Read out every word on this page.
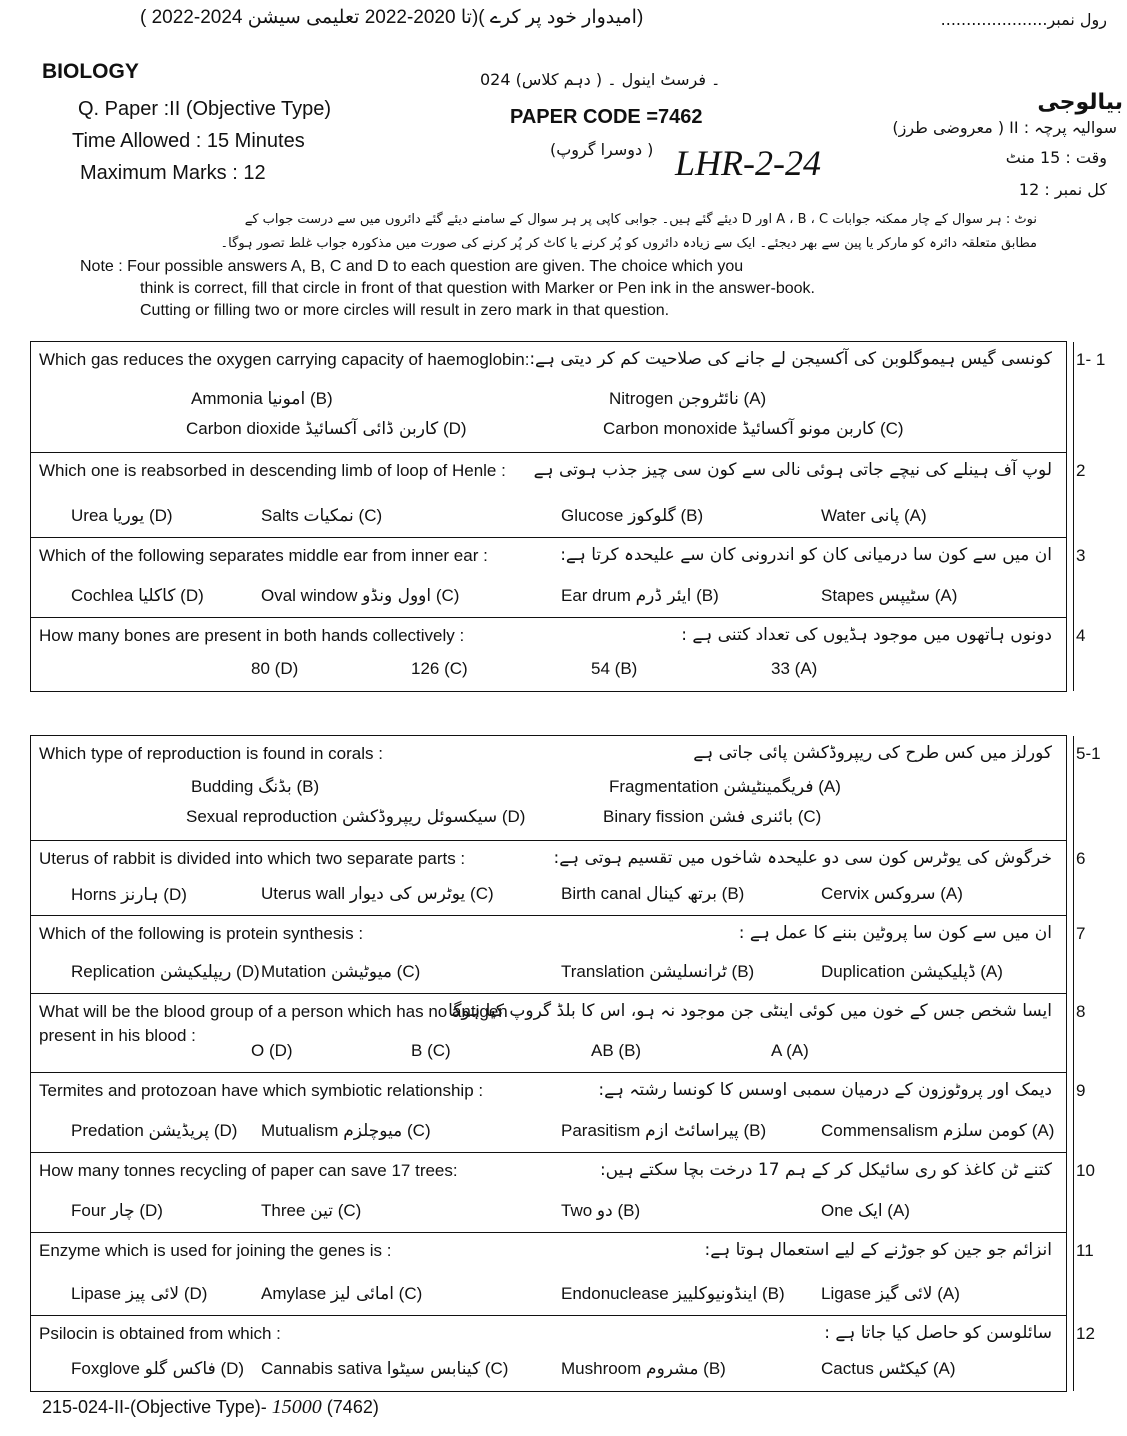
( 2022-2024 تا 2020-2022 تعلیمی سیشن)( امیدوار خود پر کرے)	رول نمبر.....................
BIOLOGY	024 ۔ فرسٹ اینول ۔ ( دہم کلاس)
بیالوجی
Q. Paper :II (Objective Type)	PAPER CODE =7462	سوالیہ پرچہ : II ( معروضی طرز)
( دوسرا گروپ)
Time Allowed : 15 Minutes
LHR-2-24	وقت : 15 منٹ
Maximum Marks : 12
کل نمبر : 12
نوٹ : ہر سوال کے چار ممکنہ جوابات A ، B ، C اور D دیئے گئے ہیں۔ جوابی کاپی پر ہر سوال کے سامنے دیئے گئے دائروں میں سے درست جواب کے
مطابق متعلقہ دائرہ کو مارکر یا پین سے بھر دیجئے۔ ایک سے زیادہ دائروں کو پُر کرنے یا کاٹ کر پُر کرنے کی صورت میں مذکورہ جواب غلط تصور ہوگا۔
Note : Four possible answers A, B, C and D to each question are given. The choice which you
think is correct, fill that circle in front of that question with Marker or Pen ink in the answer-book.
Cutting or filling two or more circles will result in zero mark in that question.
1- 1
Which gas reduces the oxygen carrying capacity of haemoglobin: کونسی گیس ہیموگلوبن کی آکسیجن لے جانے کی صلاحیت کم کر دیتی ہے:
Ammonia امونیا (B)	Nitrogen نائٹروجن (A)
Carbon dioxide کاربن ڈائی آکسائیڈ (D)	Carbon monoxide کاربن مونو آکسائیڈ (C)
2
Which one is reabsorbed in descending limb of loop of Henle :	لوپ آف ہینلے کی نیچے جاتی ہوئی نالی سے کون سی چیز جذب ہوتی ہے
Water پانی (A)
Glucose گلوکوز (B)
Salts نمکیات (C)
Urea یوریا (D)
3
Which of the following separates middle ear from inner ear :	ان میں سے کون سا درمیانی کان کو اندرونی کان سے علیحدہ کرتا ہے:
Stapes سٹیپس (A)
Ear drum ایئر ڈرم (B)
Oval window اوول ونڈو (C)
Cochlea کاکلیا (D)
4
How many bones are present in both hands collectively :	دونوں ہاتھوں میں موجود ہڈیوں کی تعداد کتنی ہے :
33 (A)
54 (B)
126 (C)
80 (D)
5-1
Which type of reproduction is found in corals :	کورلز میں کس طرح کی ریپروڈکشن پائی جاتی ہے
Budding بڈنگ (B)	Fragmentation فریگمینٹیشن (A)
Sexual reproduction سیکسوئل ریپروڈکشن (D)	Binary fission بائنری فشن (C)
6
Uterus of rabbit is divided into which two separate parts :	خرگوش کی یوٹرس کون سی دو علیحدہ شاخوں میں تقسیم ہوتی ہے:
Cervix سروکس (A)
Birth canal برتھ کینال (B)
Uterus wall یوٹرس کی دیوار (C)
Horns ہارنز (D)
7
Which of the following is protein synthesis :	ان میں سے کون سا پروٹین بننے کا عمل ہے :
Duplication ڈپلیکیشن (A)
Translation ٹرانسلیشن (B)
Mutation میوٹیشن (C)
Replication ریپلیکیشن (D)
8
What will be the blood group of a person which has no antigen present in his blood :
ایسا شخص جس کے خون میں کوئی اینٹی جن موجود نہ ہو، اس کا بلڈ گروپ کیا ہوگا
A (A)
AB (B)
B (C)
O (D)
9
Termites and protozoan have which symbiotic relationship :	دیمک اور پروٹوزون کے درمیان سمبی اوسس کا کونسا رشتہ ہے:
Commensalism کومن سلزم (A)
Parasitism پیراسائٹ ازم (B)
Mutualism میوچلزم (C)
Predation پریڈیشن (D)
10
How many tonnes recycling of paper can save 17 trees:	کتنے ٹن کاغذ کو ری سائیکل کر کے ہم 17 درخت بچا سکتے ہیں:
One ایک (A)
Two دو (B)
Three تین (C)
Four چار (D)
11
Enzyme which is used for joining the genes is :	انزائم جو جین کو جوڑنے کے لیے استعمال ہوتا ہے:
Ligase لائی گیز (A)
Endonuclease اینڈونیوکلییز (B)
Amylase امائی لیز (C)
Lipase لائی پیز (D)
12
Psilocin is obtained from which :	سائلوسن کو حاصل کیا جاتا ہے :
Cactus کیکٹس (A)
Mushroom مشروم (B)
Cannabis sativa کینابس سیٹوا (C)
Foxglove فاکس گلو (D)
215-024-II-(Objective Type)- 15000 (7462)
